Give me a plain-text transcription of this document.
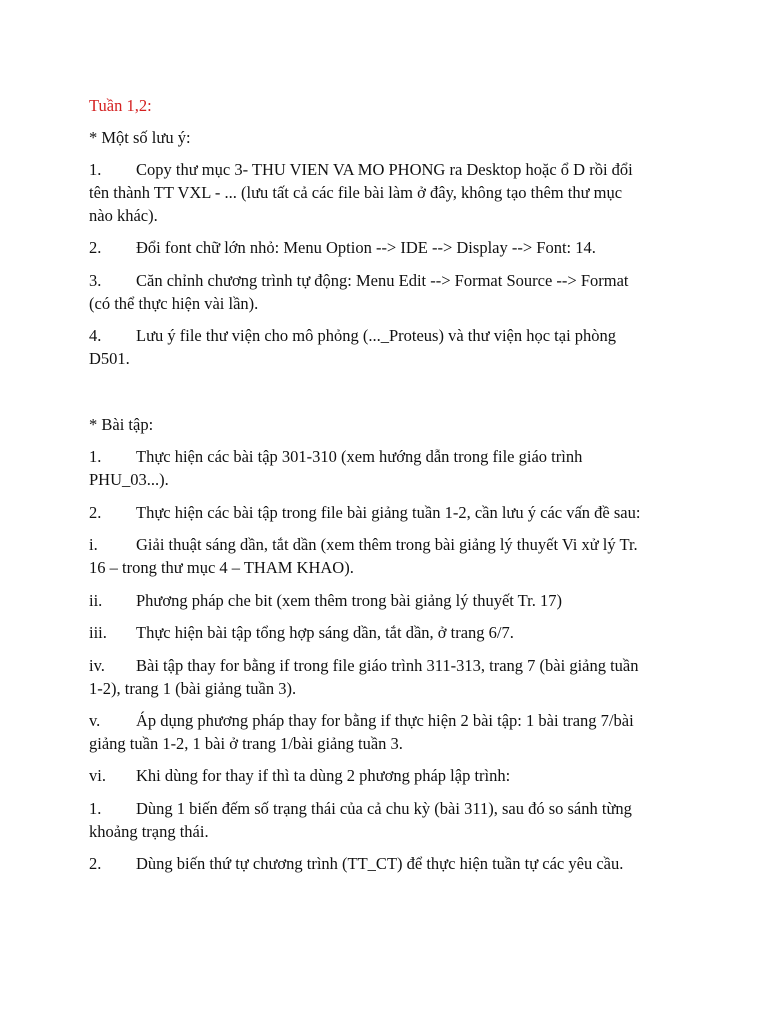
Tuần 1,2:
* Một số lưu ý:
1. Copy thư mục 3- THU VIEN VA MO PHONG ra Desktop hoặc ổ D rồi đổi
tên thành TT VXL - ... (lưu tất cả các file bài làm ở đây, không tạo thêm thư mục
nào khác).
2. Đổi font chữ lớn nhỏ: Menu Option --> IDE --> Display --> Font: 14.
3. Căn chỉnh chương trình tự động: Menu Edit --> Format Source --> Format
(có thể thực hiện vài lần).
4. Lưu ý file thư viện cho mô phỏng (..._Proteus) và thư viện học tại phòng
D501.
* Bài tập:
1. Thực hiện các bài tập 301-310 (xem hướng dẫn trong file giáo trình
PHU_03...).
2. Thực hiện các bài tập trong file bài giảng tuần 1-2, cần lưu ý các vấn đề sau:
i. Giải thuật sáng dần, tắt dần (xem thêm trong bài giảng lý thuyết Vi xử lý Tr.
16 – trong thư mục 4 – THAM KHAO).
ii. Phương pháp che bit (xem thêm trong bài giảng lý thuyết Tr. 17)
iii. Thực hiện bài tập tổng hợp sáng dần, tắt dần, ở trang 6/7.
iv. Bài tập thay for bằng if trong file giáo trình 311-313, trang 7 (bài giảng tuần
1-2), trang 1 (bài giảng tuần 3).
v. Áp dụng phương pháp thay for bằng if thực hiện 2 bài tập: 1 bài trang 7/bài
giảng tuần 1-2, 1 bài ở trang 1/bài giảng tuần 3.
vi. Khi dùng for thay if thì ta dùng 2 phương pháp lập trình:
1. Dùng 1 biến đếm số trạng thái của cả chu kỳ (bài 311), sau đó so sánh từng
khoảng trạng thái.
2. Dùng biến thứ tự chương trình (TT_CT) để thực hiện tuần tự các yêu cầu.
